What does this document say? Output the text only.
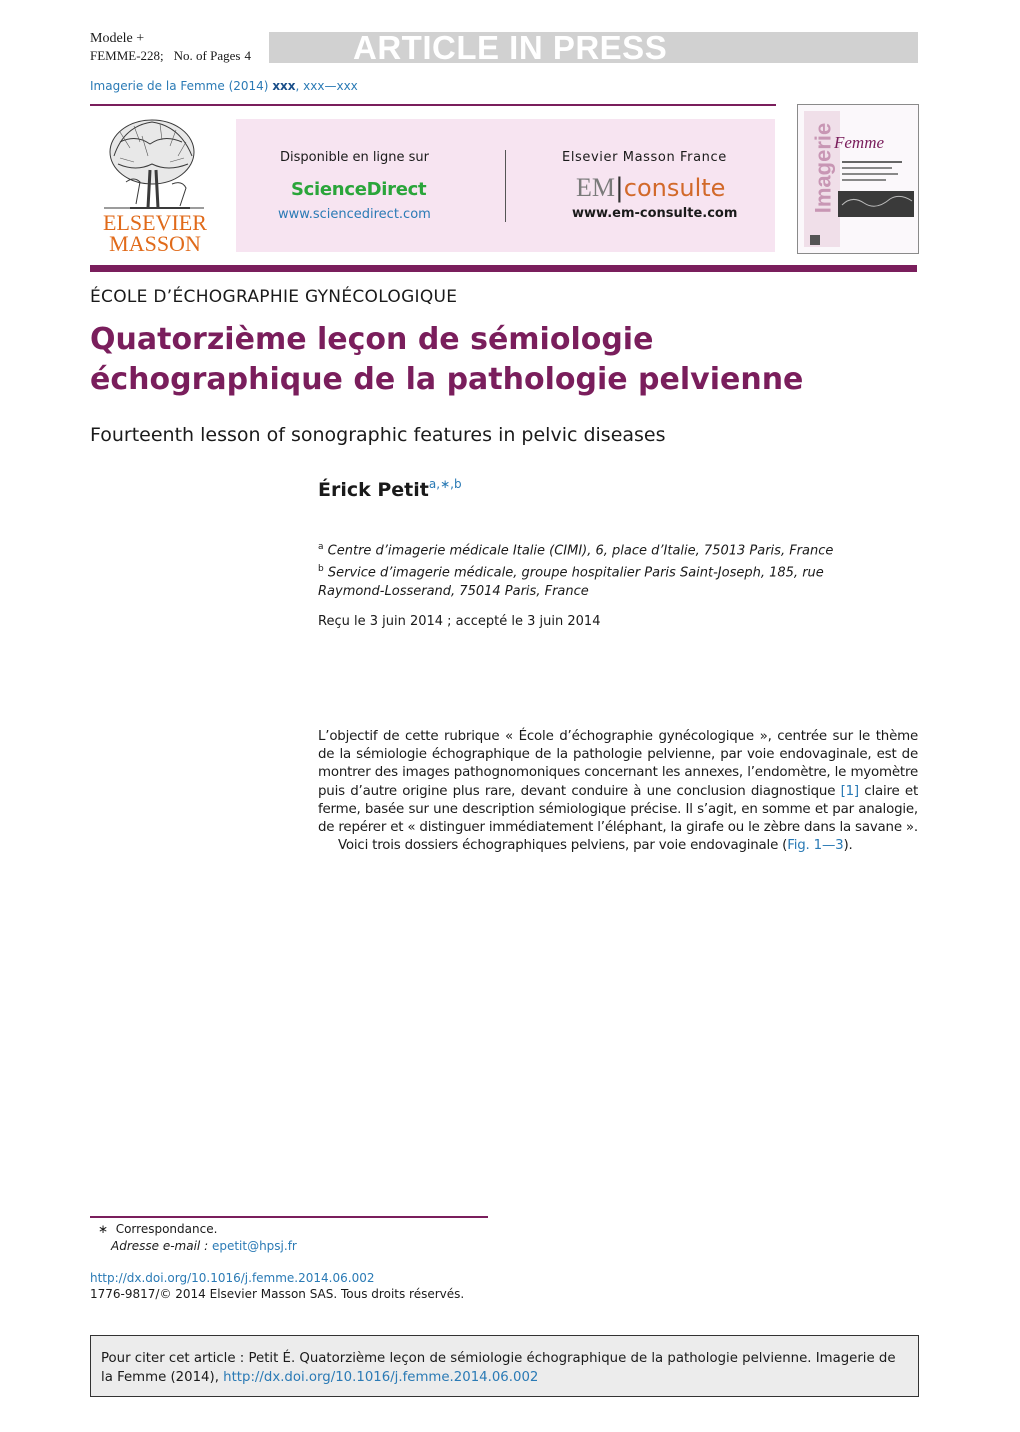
Modele +
FEMME-228; No. of Pages 4	ARTICLE IN PRESS
Imagerie de la Femme (2014) xxx, xxx—xxx
ELSEVIER
MASSON
Disponible en ligne sur
ScienceDirect
www.sciencedirect.com
Elsevier Masson France
EM|consulte
www.em-consulte.com
Imagerie
Femme
ÉCOLE D’ÉCHOGRAPHIE GYNÉCOLOGIQUE
Quatorzième leçon de sémiologie
échographique de la pathologie pelvienne
Fourteenth lesson of sonographic features in pelvic diseases
Érick Petit$^{a,∗,b}$
$^a$ Centre d’imagerie médicale Italie (CIMI), 6, place d’Italie, 75013 Paris, France
$^b$ Service d’imagerie médicale, groupe hospitalier Paris Saint-Joseph, 185, rue Raymond-Losserand, 75014 Paris, France
Reçu le 3 juin 2014 ; accepté le 3 juin 2014
L’objectif de cette rubrique « École d’échographie gynécologique », centrée sur le thème de la sémiologie échographique de la pathologie pelvienne, par voie endovaginale, est de montrer des images pathognomoniques concernant les annexes, l’endomètre, le myomètre puis d’autre origine plus rare, devant conduire à une conclusion diagnostique [1] claire et ferme, basée sur une description sémiologique précise. Il s’agit, en somme et par analogie, de repérer et « distinguer immédiatement l’éléphant, la girafe ou le zèbre dans la savane ».
Voici trois dossiers échographiques pelviens, par voie endovaginale (Fig. 1—3).
∗ Correspondance.
Adresse e-mail : epetit@hpsj.fr
http://dx.doi.org/10.1016/j.femme.2014.06.002
1776-9817/© 2014 Elsevier Masson SAS. Tous droits réservés.
Pour citer cet article : Petit É. Quatorzième leçon de sémiologie échographique de la pathologie pelvienne. Imagerie de la Femme (2014), http://dx.doi.org/10.1016/j.femme.2014.06.002
